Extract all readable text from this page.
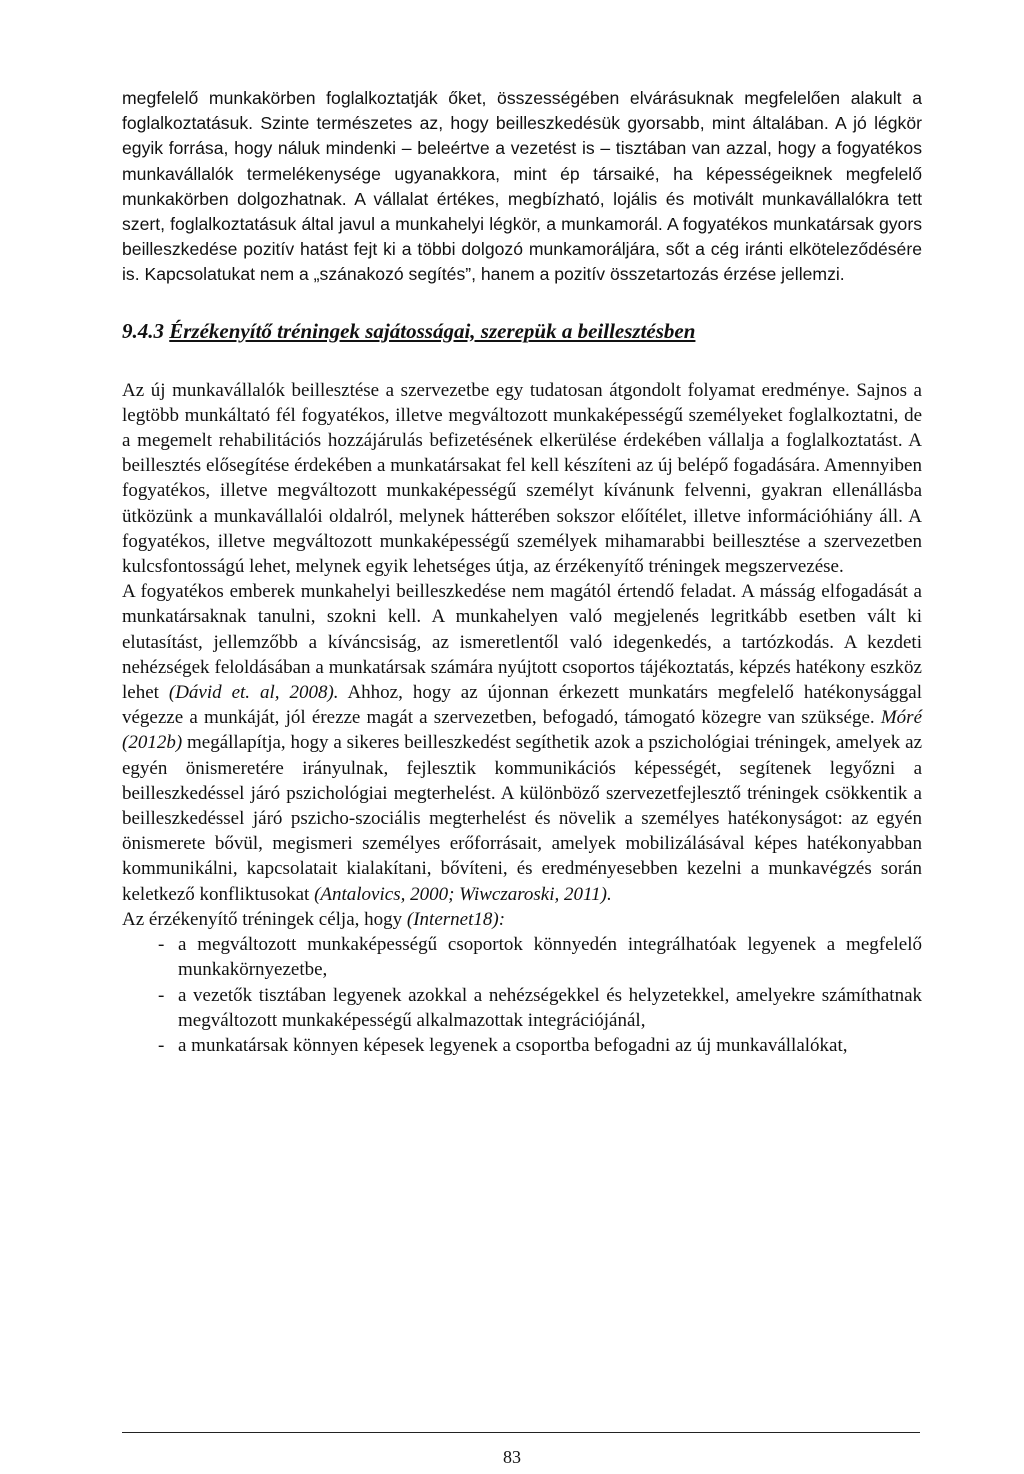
megfelelő munkakörben foglalkoztatják őket, összességében elvárásuknak megfelelően alakult a foglalkoztatásuk. Szinte természetes az, hogy beilleszkedésük gyorsabb, mint általában. A jó légkör egyik forrása, hogy náluk mindenki – beleértve a vezetést is – tisztában van azzal, hogy a fogyatékos munkavállalók termelékenysége ugyanakkora, mint ép társaiké, ha képességeiknek megfelelő munkakörben dolgozhatnak. A vállalat értékes, megbízható, lojális és motivált munkavállalókra tett szert, foglalkoztatásuk által javul a munkahelyi légkör, a munkamorál. A fogyatékos munkatársak gyors beilleszkedése pozitív hatást fejt ki a többi dolgozó munkamoráljára, sőt a cég iránti elköteleződésére is. Kapcsolatukat nem a „szánakozó segítés”, hanem a pozitív összetartozás érzése jellemzi.

9.4.3 Érzékenyítő tréningek sajátosságai, szerepük a beillesztésben

Az új munkavállalók beillesztése a szervezetbe egy tudatosan átgondolt folyamat eredménye. Sajnos a legtöbb munkáltató fél fogyatékos, illetve megváltozott munkaképességű személyeket foglalkoztatni, de a megemelt rehabilitációs hozzájárulás befizetésének elkerülése érdekében vállalja a foglalkoztatást. A beillesztés elősegítése érdekében a munkatársakat fel kell készíteni az új belépő fogadására. Amennyiben fogyatékos, illetve megváltozott munkaképességű személyt kívánunk felvenni, gyakran ellenállásba ütközünk a munkavállalói oldalról, melynek hátterében sokszor előítélet, illetve információhiány áll. A fogyatékos, illetve megváltozott munkaképességű személyek mihamarabbi beillesztése a szervezetben kulcsfontosságú lehet, melynek egyik lehetséges útja, az érzékenyítő tréningek megszervezése.

A fogyatékos emberek munkahelyi beilleszkedése nem magától értendő feladat. A másság elfogadását a munkatársaknak tanulni, szokni kell. A munkahelyen való megjelenés legritkább esetben vált ki elutasítást, jellemzőbb a kíváncsiság, az ismeretlentől való idegenkedés, a tartózkodás. A kezdeti nehézségek feloldásában a munkatársak számára nyújtott csoportos tájékoztatás, képzés hatékony eszköz lehet (Dávid et. al, 2008). Ahhoz, hogy az újonnan érkezett munkatárs megfelelő hatékonysággal végezze a munkáját, jól érezze magát a szervezetben, befogadó, támogató közegre van szüksége. Móré (2012b) megállapítja, hogy a sikeres beilleszkedést segíthetik azok a pszichológiai tréningek, amelyek az egyén önismeretére irányulnak, fejlesztik kommunikációs képességét, segítenek legyőzni a beilleszkedéssel járó pszichológiai megterhelést. A különböző szervezetfejlesztő tréningek csökkentik a beilleszkedéssel járó pszicho-szociális megterhelést és növelik a személyes hatékonyságot: az egyén önismerete bővül, megismeri személyes erőforrásait, amelyek mobilizálásával képes hatékonyabban kommunikálni, kapcsolatait kialakítani, bővíteni, és eredményesebben kezelni a munkavégzés során keletkező konfliktusokat (Antalovics, 2000; Wiwczaroski, 2011).

Az érzékenyítő tréningek célja, hogy (Internet18):

- a megváltozott munkaképességű csoportok könnyedén integrálhatóak legyenek a megfelelő munkakörnyezetbe,
- a vezetők tisztában legyenek azokkal a nehézségekkel és helyzetekkel, amelyekre számíthatnak megváltozott munkaképességű alkalmazottak integrációjánál,
- a munkatársak könnyen képesek legyenek a csoportba befogadni az új munkavállalókat,
83
